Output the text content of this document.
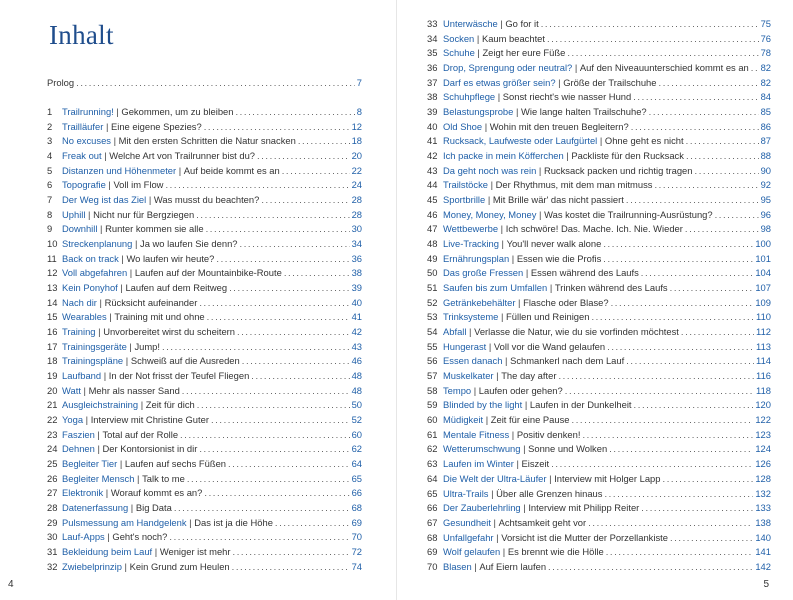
Inhalt
Prolog .....	7
1	Trailrunning! | Gekommen, um zu bleiben .....	8
2	Trailläufer | Eine eigene Spezies? .....	12
3	No excuses | Mit den ersten Schritten die Natur snacken .....	18
4	Freak out | Welche Art von Trailrunner bist du? .....	20
5	Distanzen und Höhenmeter | Auf beide kommt es an .....	22
6	Topografie | Voll im Flow .....	24
7	Der Weg ist das Ziel | Was musst du beachten? .....	28
8	Uphill | Nicht nur für Bergziegen .....	28
9	Downhill | Runter kommen sie alle .....	30
10 Streckenplanung | Ja wo laufen Sie denn? .....	34
11 Back on track | Wo laufen wir heute? .....	36
12 Voll abgefahren | Laufen auf der Mountainbike-Route .....	38
13 Kein Ponyhof | Laufen auf dem Reitweg .....	39
14 Nach dir | Rücksicht aufeinander .....	40
15 Wearables | Training mit und ohne .....	41
16 Training | Unvorbereitet wirst du scheitern .....	42
17 Trainingsgeräte | Jump! .....	43
18 Trainingspläne | Schweiß auf die Ausreden .....	46
19 Laufband | In der Not frisst der Teufel Fliegen .....	48
20 Watt | Mehr als nasser Sand .....	48
21 Ausgleichstraining | Zeit für dich .....	50
22 Yoga | Interview mit Christine Guter .....	52
23 Faszien | Total auf der Rolle .....	60
24 Dehnen | Der Kontorsionist in dir .....	62
25 Begleiter Tier | Laufen auf sechs Füßen .....	64
26 Begleiter Mensch | Talk to me .....	65
27 Elektronik | Worauf kommt es an? .....	66
28 Datenerfassung | Big Data .....	68
29 Pulsmessung am Handgelenk | Das ist ja die Höhe .....	69
30 Lauf-Apps | Geht's noch? .....	70
31 Bekleidung beim Lauf | Weniger ist mehr .....	72
32 Zwiebelprinzip | Kein Grund zum Heulen .....	74
4
33 Unterwäsche | Go for it .....	75
34 Socken | Kaum beachtet .....	76
35 Schuhe | Zeigt her eure Füße .....	78
36 Drop, Sprengung oder neutral? | Auf den Niveauunterschied kommt es an ..... 82
37 Darf es etwas größer sein? | Größe der Trailschuhe .....	82
38 Schuhpflege | Sonst riecht's wie nasser Hund .....	84
39 Belastungsprobe | Wie lange halten Trailschuhe? .....	85
40 Old Shoe | Wohin mit den treuen Begleitern? .....	86
41 Rucksack, Laufweste oder Laufgürtel | Ohne geht es nicht .....	87
42 Ich packe in mein Köfferchen | Packliste für den Rucksack .....	88
43 Da geht noch was rein | Rucksack packen und richtig tragen .....	90
44 Trailstöcke | Der Rhythmus, mit dem man mitmuss .....	92
45 Sportbrille | Mit Brille wär' das nicht passiert .....	95
46 Money, Money, Money | Was kostet die Trailrunning-Ausrüstung? .....	96
47 Wettbewerbe | Ich schwöre! Das. Mache. Ich. Nie. Wieder .....	98
48 Live-Tracking | You'll never walk alone .....	100
49 Ernährungsplan | Essen wie die Profis .....	101
50 Das große Fressen | Essen während des Laufs .....	104
51 Saufen bis zum Umfallen | Trinken während des Laufs .....	107
52 Getränkebehälter | Flasche oder Blase? .....	109
53 Trinksysteme | Füllen und Reinigen .....	110
54 Abfall | Verlasse die Natur, wie du sie vorfinden möchtest .....	112
55 Hungerast | Voll vor die Wand gelaufen .....	113
56 Essen danach | Schmankerl nach dem Lauf .....	114
57 Muskelkater | The day after .....	116
58 Tempo | Laufen oder gehen? .....	118
59 Blinded by the light | Laufen in der Dunkelheit .....	120
60 Müdigkeit | Zeit für eine Pause .....	122
61 Mentale Fitness | Positiv denken! .....	123
62 Wetterumschwung | Sonne und Wolken .....	124
63 Laufen im Winter | Eiszeit .....	126
64 Die Welt der Ultra-Läufer | Interview mit Holger Lapp .....	128
65 Ultra-Trails | Über alle Grenzen hinaus .....	132
66 Der Zauberlehrling | Interview mit Philipp Reiter .....	133
67 Gesundheit | Achtsamkeit geht vor .....	138
68 Unfallgefahr | Vorsicht ist die Mutter der Porzellankiste .....	140
69 Wolf gelaufen | Es brennt wie die Hölle .....	141
70 Blasen | Auf Eiern laufen .....	142
5
